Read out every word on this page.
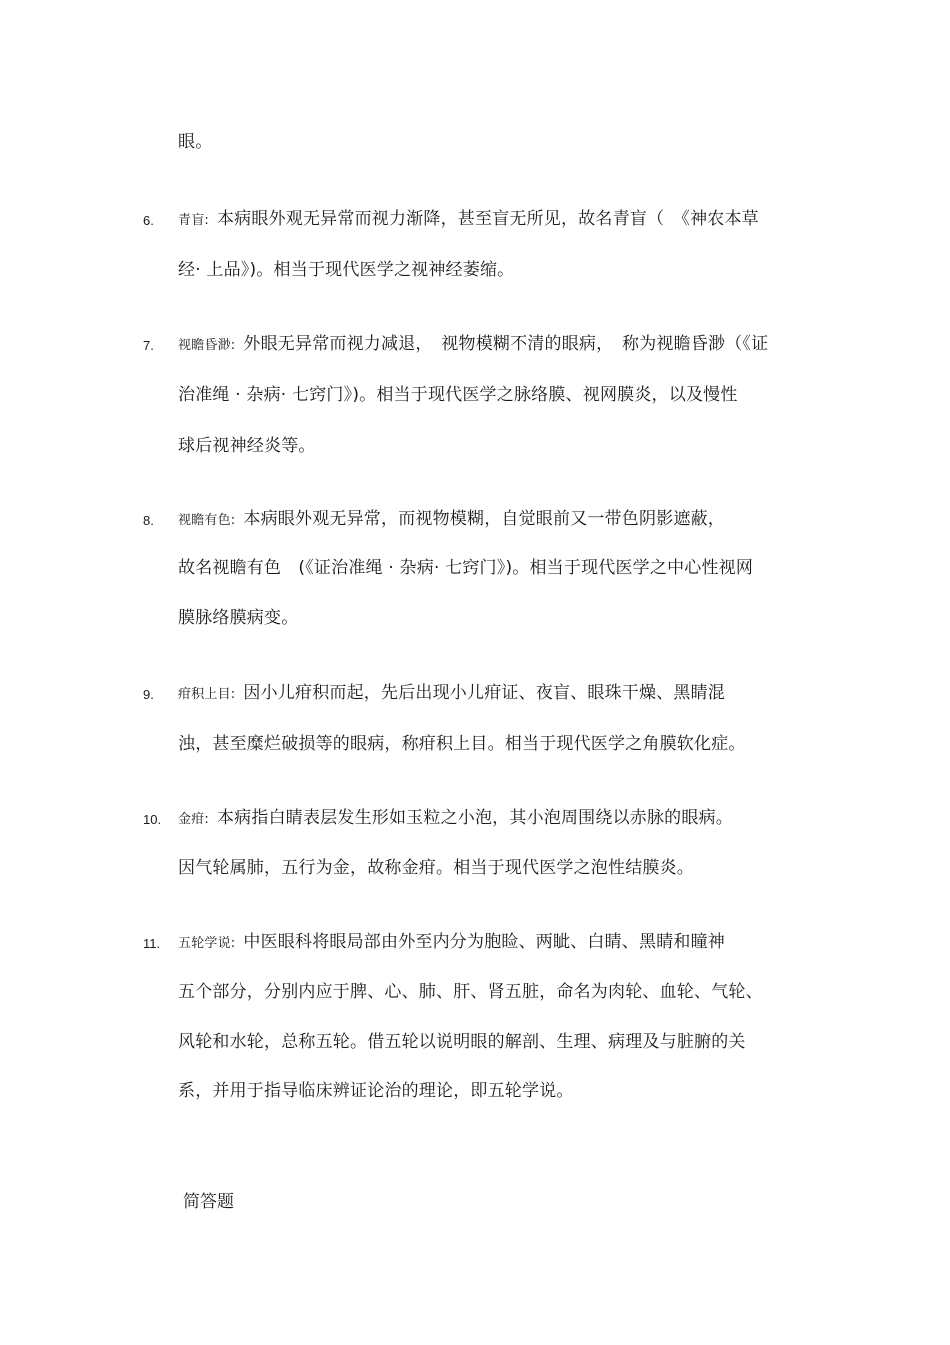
眼。
6. 青盲: 本病眼外观无异常而视力渐降，甚至盲无所见，故名青盲（　《神农本草
经· 上品》)。相当于现代医学之视神经萎缩。
7. 视瞻昏渺: 外眼无异常而视力减退，　视物模糊不清的眼病，　称为视瞻昏渺（《证
治准绳 · 杂病· 七窍门》)。相当于现代医学之脉络膜、视网膜炎，以及慢性
球后视神经炎等。
8. 视瞻有色: 本病眼外观无异常，而视物模糊，自觉眼前又一带色阴影遮蔽，
故名视瞻有色　(《证治准绳 · 杂病· 七窍门》)。相当于现代医学之中心性视网
膜脉络膜病变。
9. 疳积上目: 因小儿疳积而起，先后出现小儿疳证、夜盲、眼珠干燥、黑睛混
浊，甚至糜烂破损等的眼病，称疳积上目。相当于现代医学之角膜软化症。
10. 金疳: 本病指白睛表层发生形如玉粒之小泡，其小泡周围绕以赤脉的眼病。
因气轮属肺，五行为金，故称金疳。相当于现代医学之泡性结膜炎。
11. 五轮学说: 中医眼科将眼局部由外至内分为胞睑、两眦、白睛、黑睛和瞳神
五个部分，分别内应于脾、心、肺、肝、肾五脏，命名为肉轮、血轮、气轮、
风轮和水轮，总称五轮。借五轮以说明眼的解剖、生理、病理及与脏腑的关
系，并用于指导临床辨证论治的理论，即五轮学说。
简答题
